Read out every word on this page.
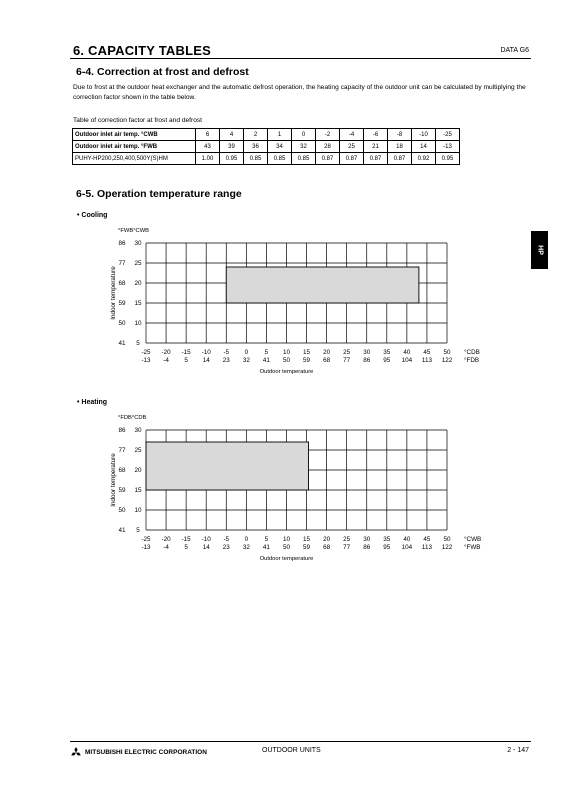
6. CAPACITY TABLES	DATA G6
6-4. Correction at frost and defrost
Due to frost at the outdoor heat exchanger and the automatic defrost operation, the heating capacity of the outdoor unit can be calculated by multiplying the correction factor shown in the table below.
Table of correction factor at frost and defrost
Outdoor inlet air temp. °CWB	6	4	2	1	0	-2	-4	-6	-8	-10	-25
Outdoor inlet air temp. °FWB	43	39	36	34	32	28	25	21	18	14	-13
PUHY-HP200,250,400,500Y(S)HM	1.00	0.95	0.85	0.85	0.85	0.87	0.87	0.87	0.87	0.92	0.95
6-5. Operation temperature range
HP
• Cooling
°FWB°CWB
86 30
77 25
68 20
59 15
50 10
41 5
-25
-13
-20
-4
-15
5
-10
14
-5
23
0
32
5
41
10
50
15
59
20
68
25
77
30
86
35
95
40
104
45
113
50
122
°CDB
°FDB
Outdoor temperature
Indoor temperature
• Heating
°FDB°CDB
86 30
77 25
68 20
59 15
50 10
41 5
-25
-13
-20
-4
-15
5
-10
14
-5
23
0
32
5
41
10
50
15
59
20
68
25
77
30
86
35
95
40
104
45
113
50
122
°CWB
°FWB
Outdoor temperature
Indoor temperature
MITSUBISHI ELECTRIC CORPORATION	OUTDOOR UNITS	2 - 147
